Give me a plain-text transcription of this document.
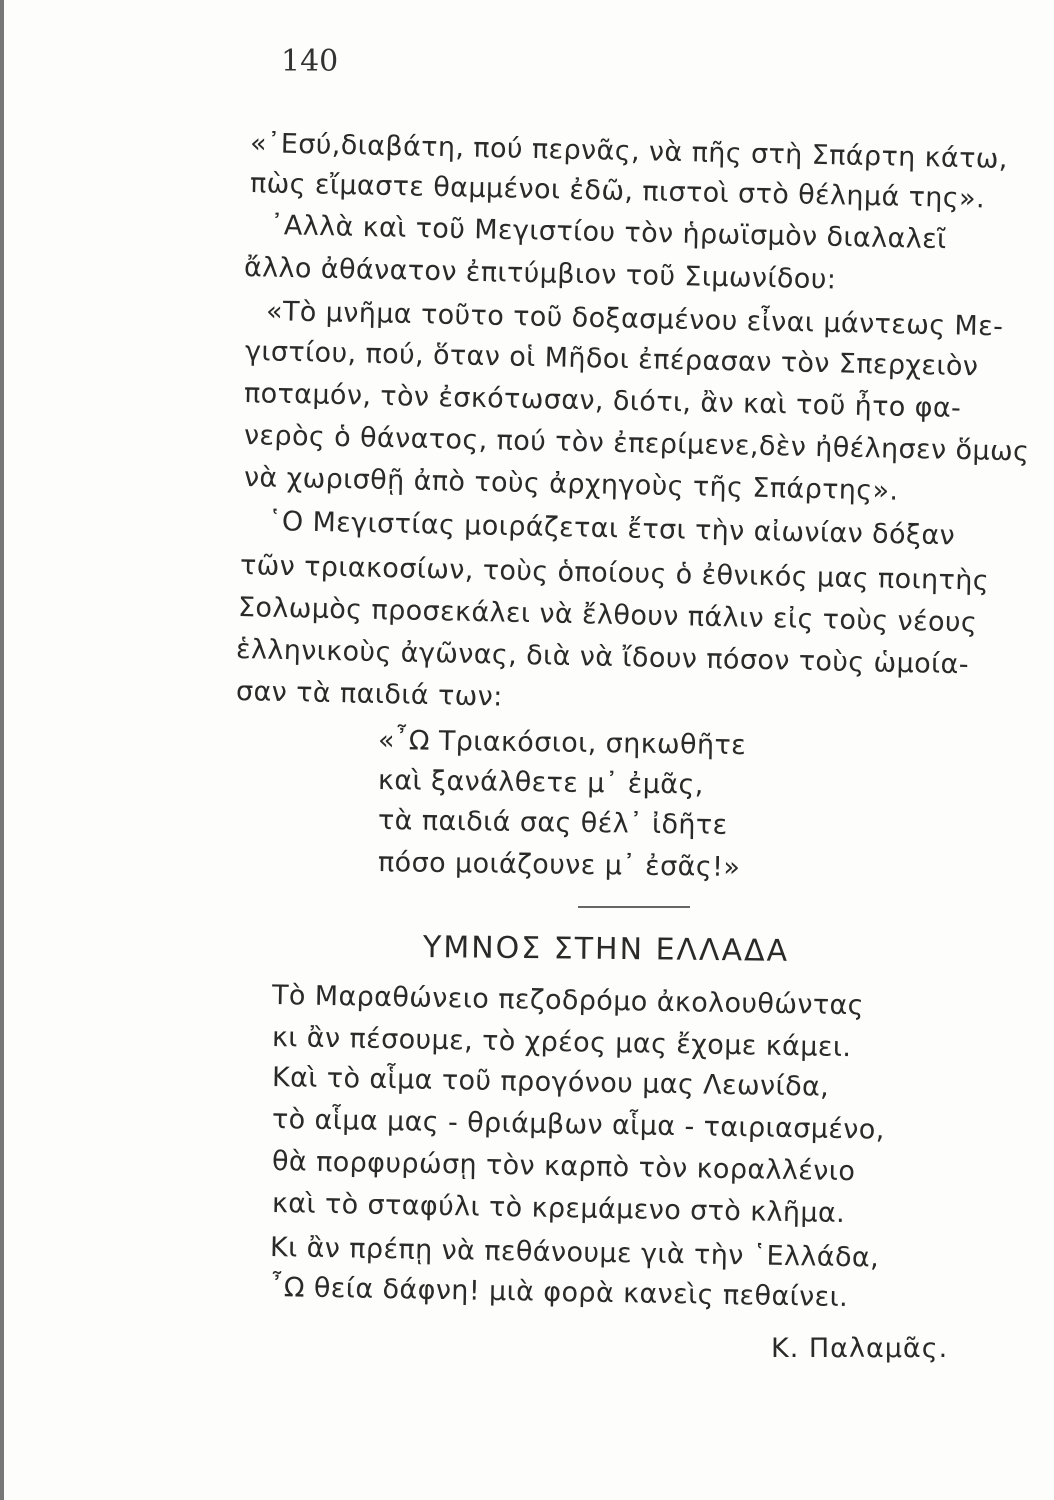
140
«᾿Εσύ,διαβάτη, πού περνᾶς, νὰ πῆς στὴ Σπάρτη κάτω,
πὼς εἴμαστε θαμμένοι ἐδῶ, πιστοὶ στὸ θέλημά της».
᾿Αλλὰ καὶ τοῦ Μεγιστίου τὸν ἡρωϊσμὸν διαλαλεῖ
ἄλλο ἀθάνατον ἐπιτύμβιον τοῦ Σιμωνίδου:
«Τὸ μνῆμα τοῦτο τοῦ δοξασμένου εἶναι μάντεως Με-
γιστίου, πού, ὅταν οἱ Μῆδοι ἐπέρασαν τὸν Σπερχειὸν
ποταμόν, τὸν ἐσκότωσαν, διότι, ἂν καὶ τοῦ ἦτο φα-
νερὸς ὁ θάνατος, πού τὸν ἐπερίμενε,δὲν ἠθέλησεν ὅμως
νὰ χωρισθῇ ἀπὸ τοὺς ἀρχηγοὺς τῆς Σπάρτης».
῾Ο Μεγιστίας μοιράζεται ἔτσι τὴν αἰωνίαν δόξαν
τῶν τριακοσίων, τοὺς ὁποίους ὁ ἐθνικός μας ποιητὴς
Σολωμὸς προσεκάλει νὰ ἔλθουν πάλιν εἰς τοὺς νέους
ἑλληνικοὺς ἀγῶνας, διὰ νὰ ἴδουν πόσον τοὺς ὡμοία-
σαν τὰ παιδιά των:
«῏Ω Τριακόσιοι, σηκωθῆτε
καὶ ξανάλθετε μ᾿ ἐμᾶς,
τὰ παιδιά σας θέλ᾿ ἰδῆτε
πόσο μοιάζουνε μ᾿ ἐσᾶς!»
ΥΜΝΟΣ ΣΤΗΝ ΕΛΛΑΔΑ
Τὸ Μαραθώνειο πεζοδρόμο ἀκολουθώντας
κι ἂν πέσουμε, τὸ χρέος μας ἔχομε κάμει.
Καὶ τὸ αἷμα τοῦ προγόνου μας Λεωνίδα,
τὸ αἷμα μας - θριάμβων αἷμα - ταιριασμένο,
θὰ πορφυρώσῃ τὸν καρπὸ τὸν κοραλλένιο
καὶ τὸ σταφύλι τὸ κρεμάμενο στὸ κλῆμα.
Κι ἂν πρέπῃ νὰ πεθάνουμε γιὰ τὴν ῾Ελλάδα,
῏Ω θεία δάφνη! μιὰ φορὰ κανεὶς πεθαίνει.
Κ. Παλαμᾶς.
